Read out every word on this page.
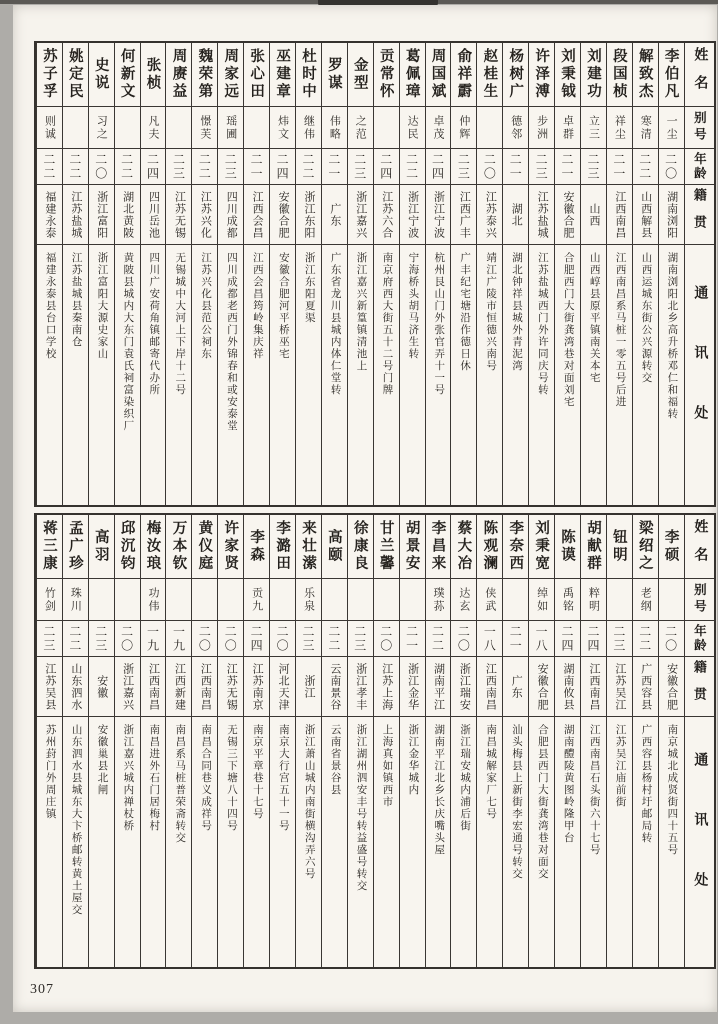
姓名
别号
年龄
籍贯
通讯处
李伯凡
一尘
二〇
湖南浏阳
湖南浏阳北乡高升桥邓仁和福转
解致杰
寒清
二二
山西解县
山西运城东街公兴源转交
段国桢
祥尘
二一
江西南昌
江西南昌系马桩一零五号后进
刘建功
立三
二三
山西
山西崞县原平镇南关本宅
刘秉钺
卓群
二一
安徽合肥
合肥西门大街龚湾巷对面刘宅
许泽溥
步洲
二三
江苏盐城
江苏盐城西门外许同庆号转
杨树广
德邻
二一
湖北
湖北钟祥县城外青泥湾
赵桂生
二〇
江苏泰兴
靖江广陵市恒德兴南号
俞祥霨
仲辉
二三
江西广丰
广丰纪宅塘沿作德日休
周国斌
卓茂
二四
浙江宁波
杭州艮山门外张官弄十一号
葛佩璋
达民
二二
浙江宁波
宁海桥头胡马济生转
贡常怀
二四
江苏六合
南京府西大街五十二号门牌
金型
之范
二三
浙江嘉兴
浙江嘉兴新篁镇清池上
罗谋
伟略
二一
广东
广东省龙川县城内体仁堂转
杜时中
继伟
二二
浙江东阳
浙江东阳夏渠
巫建章
炜文
二四
安徽合肥
安徽合肥河平桥巫宅
张心田
二一
江西会昌
江西会昌筠岭集庆祥
周家远
瑶圃
二三
四川成都
四川成都老西门外锦春和或安泰堂
魏荣第
憬芙
二二
江苏兴化
江苏兴化县范公祠东
周赓益
二三
江苏无锡
无锡城中大河上下岸十二号
张桢
凡夫
二四
四川岳池
四川广安荷角镇邮寄代办所
何新文
二二
湖北黄陂
黄陂县城内大东门袁氏祠富染织厂
史说
习之
二〇
浙江富阳
浙江富阳大源史家山
姚定民
二二
江苏盐城
江苏盐城县秦南仓
苏子孚
则诚
二二
福建永泰
福建永泰县台口学校
姓名
别号
年龄
籍贯
通讯处
李硕
二〇
安徽合肥
南京城北成贤街四十五号
梁绍之
老纲
二二
广西容县
广西容县杨村圩邮局转
钮明
二三
江苏吴江
江苏吴江庙前街
胡献群
粹明
二四
江西南昌
江西南昌石头街六十七号
陈谟
禹铭
二四
湖南攸县
湖南醴陵黄图岭隆甲台
刘秉宽
绰如
一八
安徽合肥
合肥县西门大街龚湾巷对面交
李奈西
二一
广东
汕头梅县上新街李宏通号转交
陈观澜
侠武
一八
江西南昌
南昌城解家厂七号
蔡大冶
达玄
二〇
浙江瑞安
浙江瑞安城内浦后街
李昌来
璞荪
二二
湖南平江
湖南平江北乡长庆嘴头屋
胡景安
二一
浙江金华
浙江金华城内
甘兰馨
二〇
江苏上海
上海真如镇西市
徐康良
二三
浙江孝丰
浙江湖州泗安丰号转益盛号转交
高颐
二二
云南景谷
云南省景谷县
来壮潆
乐泉
二三
浙江
浙江萧山城内南街横沟弄六号
李潞田
二〇
河北天津
南京大行宫五十一号
李森
贡九
二四
江苏南京
南京平章巷十七号
许家贤
二〇
江苏无锡
无锡三下塘八十四号
黄仪庭
二〇
江西南昌
南昌合同巷义成祥号
万本钦
一九
江西新建
南昌系马桩普荣斋转交
梅汝琅
功伟
一九
江西南昌
南昌进外石门居梅村
邱沉钧
二〇
浙江嘉兴
浙江嘉兴城内禅杖桥
高羽
二三
安徽
安徽巢县北闸
孟广珍
珠川
二二
山东泗水
山东泗水县城东大卞桥邮转黄土屋交
蒋三康
竹剑
二三
江苏吴县
苏州葑门外周庄镇
307
